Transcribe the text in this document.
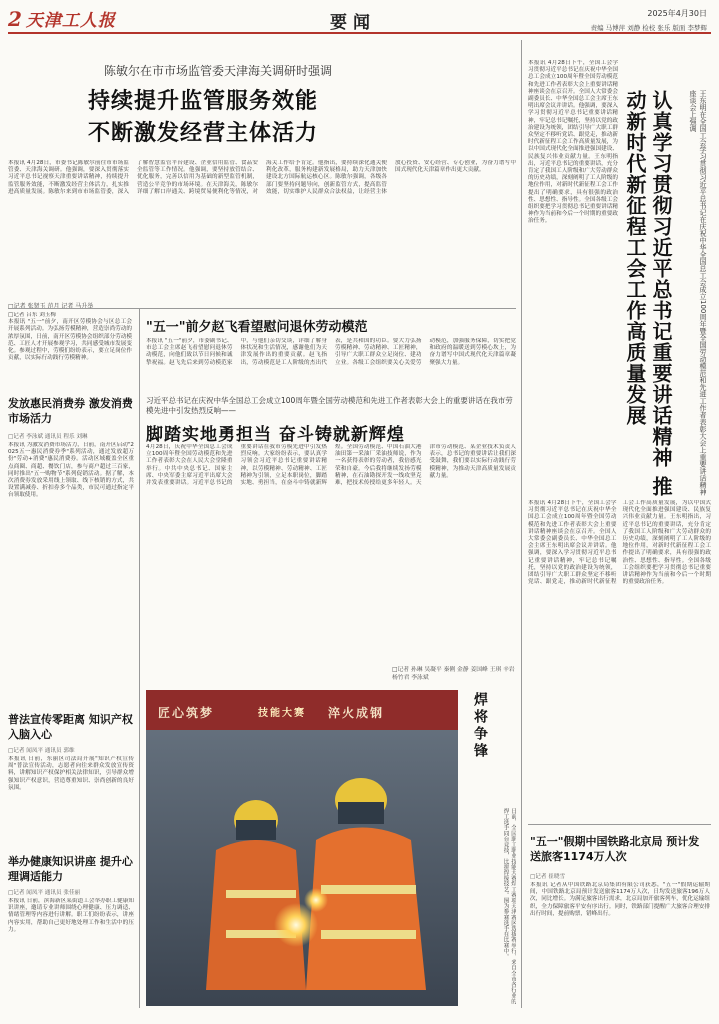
2 天津工人报	要闻	2025年4月30日
责编 马博萍 刘静 检校 张乐 版面 李梦辉
陈敏尔在市市场监管委天津海关调研时强调
持续提升监管服务效能
不断激发经营主体活力
本报讯 4月28日，市委书记陈敏尔前往市市场监管委、天津海关调研。他强调，要深入贯彻落实习近平总书记视察天津重要讲话精神，持续提升监管服务效能，不断激发经营主体活力，扎实推进高质量发展。陈敏尔来到市市场监管委，深入了解智慧监管平台建设、企业信用监管、食品安全监管等工作情况。他强调，要坚持放管结合、优化服务，完善以信用为基础的新型监管机制，营造公平竞争的市场环境。在天津海关，陈敏尔详细了解口岸通关、跨境贸易便利化等情况，对海关工作给予肯定。他指出，要持续深化通关便利化改革，服务构建新发展格局，助力天津加快建设北方国际航运核心区。陈敏尔强调，各级各部门要坚持问题导向，创新监管方式，提高监管效能，切实维护人民群众合法权益，让经营主体放心投资、安心经营、专心创业，为奋力谱写中国式现代化天津篇章作出更大贡献。
□记者 张贤玉 范月 记者 马升举
□记者 吕东 刘玉梅
本报讯 "五一"前夕，南开区劳模协会与区总工会开展系列活动。为弘扬劳模精神，营造崇尚劳动的浓厚氛围，日前，南开区劳模协会组织部分劳动模范、工匠人才开展参观学习，共同感受城市发展变化。参观过程中，劳模们纷纷表示，要立足岗位作贡献，以实际行动践行劳模精神。
"五一"前夕赵飞看望慰问退休劳动模范
本报讯 "五一"前夕，市委副书记、市总工会主席赵飞看望慰问退休劳动模范，向他们致以节日问候和诚挚祝福。赵飞先后来到劳动模范家中，与他们亲切交谈，详细了解身体状况和生活情况，感谢他们为天津发展作出的重要贡献。赵飞指出，劳动模范是工人阶级的杰出代表，是共和国的功臣。要大力弘扬劳模精神、劳动精神、工匠精神，引导广大职工群众立足岗位、建功立业。各级工会组织要关心关爱劳动模范，加强服务保障，切实把党和政府的温暖送到劳模心坎上，为奋力谱写中国式现代化天津篇章凝聚强大力量。
发放惠民消费券 激发消费市场活力
□记者 李泳斌 通讯员 程乐 刘琳
本报讯 为激发消费市场活力，日前，南开区启动"2025五一惠民消费券季"系列活动，通过发放超万份"劳动+消费"惠民消费券。活动区域覆盖全区重点商圈、商超、餐饮门店，参与商户超过三百家，同时推出"五一购物节"系列促销活动。据了解，本次消费券发放采用线上领取、线下核销的方式，共设置满减券、折扣券多个品类，市民可通过指定平台领取使用。
普法宣传零距离 知识产权入脑入心
□记者 闻凤平 通讯员 郭维
本报讯 日前，东丽区司法局开展"知识产权宣传周"普法宣传活动，志愿者向往来群众发放宣传资料，讲解知识产权保护相关法律知识，引导群众增强知识产权意识，营造尊重知识、崇尚创新的良好氛围。
举办健康知识讲座 提升心理调适能力
□记者 闻凤平 通讯员 张佳丽
本报讯 日前，滨海新区某街道工会举办职工健康知识讲座，邀请专业讲师围绕心理健康、压力调适、情绪管理等内容进行讲解。职工们纷纷表示，讲座内容实用，帮助自己更好地处理工作和生活中的压力。
习近平总书记在庆祝中华全国总工会成立100周年暨全国劳动模范和先进工作者表彰大会上的重要讲话在我市劳模先进中引发热烈反响——
脚踏实地勇担当 奋斗铸就新辉煌
4月28日，庆祝中华全国总工会成立100周年暨全国劳动模范和先进工作者表彰大会在人民大会堂隆重举行。中共中央总书记、国家主席、中央军委主席习近平出席大会并发表重要讲话。习近平总书记的重要讲话在我市劳模先进中引发热烈反响。大家纷纷表示，要认真学习领会习近平总书记重要讲话精神，以劳模精神、劳动精神、工匠精神为引领，立足本职岗位，脚踏实地、勇担当，在奋斗中铸就新辉煌。全国劳动模范、中国石油大港油田第一采油厂采油技师说，作为一名获得表彰的劳动者，我倍感光荣和自豪。今后我将继续发扬劳模精神，在石油勘探开发一线攻坚克难，把技术传授给更多年轻人。天津市劳动模范、某企业技术负责人表示，总书记的重要讲话让我们深受鼓舞，我们要以实际行动践行劳模精神，为推动天津高质量发展贡献力量。
□记者 孙琳 吴凝平 秦俐 金静 姜国峰 王琪 辛岩 杨竹君 李泳斌
匠心筑梦	淬火成钢
技能大赛	焊将争锋
日前，全国职工职业技能大赛焊工赛项天津赛区选拔赛举行，来自全市各行业的焊工选手同台竞技，比拼焊接技艺。图为参赛选手在比赛中。
认真学习贯彻习近平总书记重要讲话精神 推动新时代新征程工会工作高质量发展	王东明在全国工会学习贯彻习近平总书记在庆祝中华全国总工会成立100周年暨全国劳动模范和先进工作者表彰大会上重要讲话精神座谈会上强调
本报讯 4月28日下午，全国工会学习贯彻习近平总书记在庆祝中华全国总工会成立100周年暨全国劳动模范和先进工作者表彰大会上重要讲话精神座谈会在京召开。全国人大常委会副委员长、中华全国总工会主席王东明出席会议并讲话。他强调，要深入学习贯彻习近平总书记重要讲话精神，牢记总书记嘱托，坚持以党的政治建设为统领，团结引导广大职工群众坚定不移听党话、跟党走，推动新时代新征程工会工作高质量发展，为以中国式现代化全面推进强国建设、民族复兴伟业贡献力量。王东明指出，习近平总书记的重要讲话，充分肯定了我国工人阶级和广大劳动群众的历史功绩，深刻阐明了工人阶级的地位作用，对新时代新征程工会工作提出了明确要求，具有很强的政治性、思想性、指导性。全国各级工会组织要把学习贯彻总书记重要讲话精神作为当前和今后一个时期的重要政治任务。
本报讯 4月28日下午，全国工会学习贯彻习近平总书记在庆祝中华全国总工会成立100周年暨全国劳动模范和先进工作者表彰大会上重要讲话精神座谈会在京召开。全国人大常委会副委员长、中华全国总工会主席王东明出席会议并讲话。他强调，要深入学习贯彻习近平总书记重要讲话精神，牢记总书记嘱托，坚持以党的政治建设为统领，团结引导广大职工群众坚定不移听党话、跟党走，推动新时代新征程工会工作高质量发展，为以中国式现代化全面推进强国建设、民族复兴伟业贡献力量。王东明指出，习近平总书记的重要讲话，充分肯定了我国工人阶级和广大劳动群众的历史功绩，深刻阐明了工人阶级的地位作用，对新时代新征程工会工作提出了明确要求，具有很强的政治性、思想性、指导性。全国各级工会组织要把学习贯彻总书记重要讲话精神作为当前和今后一个时期的重要政治任务。
"五一"假期中国铁路北京局 预计发送旅客1174万人次
□记者 崔晓雪
本报讯 记者从中国铁路北京局集团有限公司获悉，"五一"假期运输期间，中国铁路北京局预计发送旅客1174万人次，日均发送旅客196万人次，同比增长。为满足旅客出行需求，北京局加开旅客列车，优化运输组织，全力保障旅客平安有序出行。同时，铁路部门提醒广大旅客合理安排出行时间，提前购票，错峰出行。
